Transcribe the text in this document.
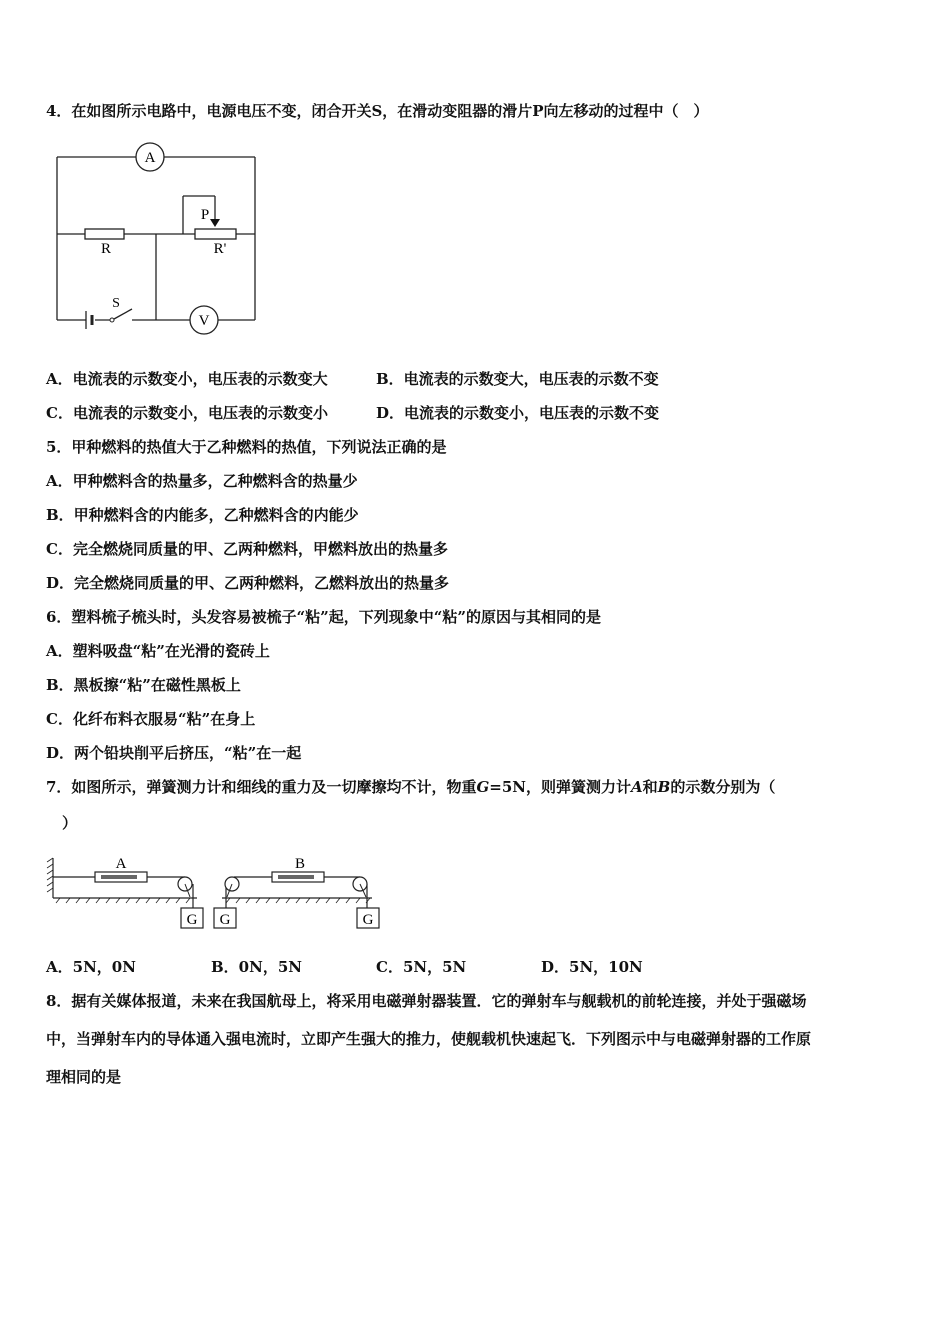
4．在如图所示电路中，电源电压不变，闭合开关S，在滑动变阻器的滑片P向左移动的过程中（　）
A
R
P
R'
S
V
A．电流表的示数变小，电压表的示数变大	B．电流表的示数变大，电压表的示数不变
C．电流表的示数变小，电压表的示数变小	D．电流表的示数变小，电压表的示数不变
5．甲种燃料的热值大于乙种燃料的热值，下列说法正确的是
A．甲种燃料含的热量多，乙种燃料含的热量少
B．甲种燃料含的内能多，乙种燃料含的内能少
C．完全燃烧同质量的甲、乙两种燃料，甲燃料放出的热量多
D．完全燃烧同质量的甲、乙两种燃料，乙燃料放出的热量多
6．塑料梳子梳头时，头发容易被梳子“粘”起，下列现象中“粘”的原因与其相同的是
A．塑料吸盘“粘”在光滑的瓷砖上
B．黑板擦“粘”在磁性黑板上
C．化纤布料衣服易“粘”在身上
D．两个铅块削平后挤压，“粘”在一起
7．如图所示，弹簧测力计和细线的重力及一切摩擦均不计，物重G=5N，则弹簧测力计A和B的示数分别为（
）
A	B
G G	G
A．5N，0N	B．0N，5N	C．5N，5N	D．5N，10N
8．据有关媒体报道，未来在我国航母上，将采用电磁弹射器装置．它的弹射车与舰载机的前轮连接，并处于强磁场
中，当弹射车内的导体通入强电流时，立即产生强大的推力，使舰载机快速起飞．下列图示中与电磁弹射器的工作原
理相同的是
